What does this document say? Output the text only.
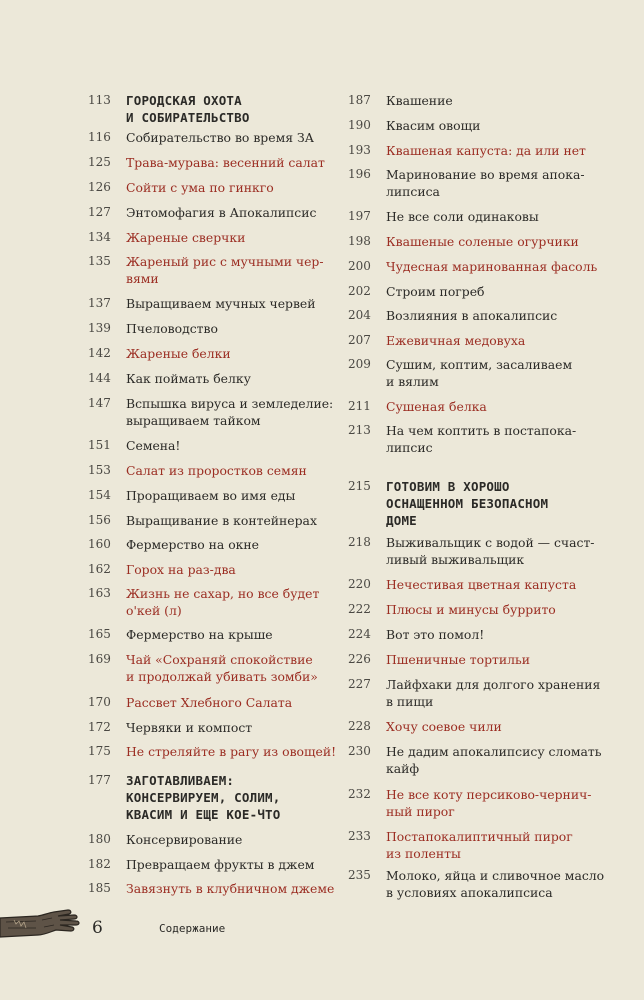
113	ГОРОДСКАЯ ОХОТА
И СОБИРАТЕЛЬСТВО
116	Собирательство во время ЗА
125	Трава-мурава: весенний салат
126	Сойти с ума по гинкго
127	Энтомофагия в Апокалипсис
134	Жареные сверчки
135	Жареный рис с мучными чер-
вями
137	Выращиваем мучных червей
139	Пчеловодство
142	Жареные белки
144	Как поймать белку
147	Вспышка вируса и земледелие:
выращиваем тайком
151	Семена!
153	Салат из проростков семян
154	Проращиваем во имя еды
156	Выращивание в контейнерах
160	Фермерство на окне
162	Горох на раз-два
163	Жизнь не сахар, но все будет
о'кей (л)
165	Фермерство на крыше
169	Чай «Сохраняй спокойствие
и продолжай убивать зомби»
170	Рассвет Хлебного Салата
172	Червяки и компост
175	Не стреляйте в рагу из овощей!
177	ЗАГОТАВЛИВАЕМ:
КОНСЕРВИРУЕМ, СОЛИМ,
КВАСИМ И ЕЩЕ КОЕ-ЧТО
180	Консервирование
182	Превращаем фрукты в джем
185	Завязнуть в клубничном джеме
187	Квашение
190	Квасим овощи
193	Квашеная капуста: да или нет
196	Маринование во время апока-
липсиса
197	Не все соли одинаковы
198	Квашеные соленые огурчики
200	Чудесная маринованная фасоль
202	Строим погреб
204	Возлияния в апокалипсис
207	Ежевичная медовуха
209	Сушим, коптим, засаливаем
и вялим
211	Сушеная белка
213	На чем коптить в постапока-
липсис
215	ГОТОВИМ В ХОРОШО
ОСНАЩЕННОМ БЕЗОПАСНОМ
ДОМЕ
218	Выживальщик с водой — счаст-
ливый выживальщик
220	Нечестивая цветная капуста
222	Плюсы и минусы буррито
224	Вот это помол!
226	Пшеничные тортильи
227	Лайфхаки для долгого хранения
в пищи
228	Хочу соевое чили
230	Не дадим апокалипсису сломать
кайф
232	Не все коту персиково-чернич-
ный пирог
233	Постапокалиптичный пирог
из поленты
235	Молоко, яйца и сливочное масло
в условиях апокалипсиса
6	Содержание
